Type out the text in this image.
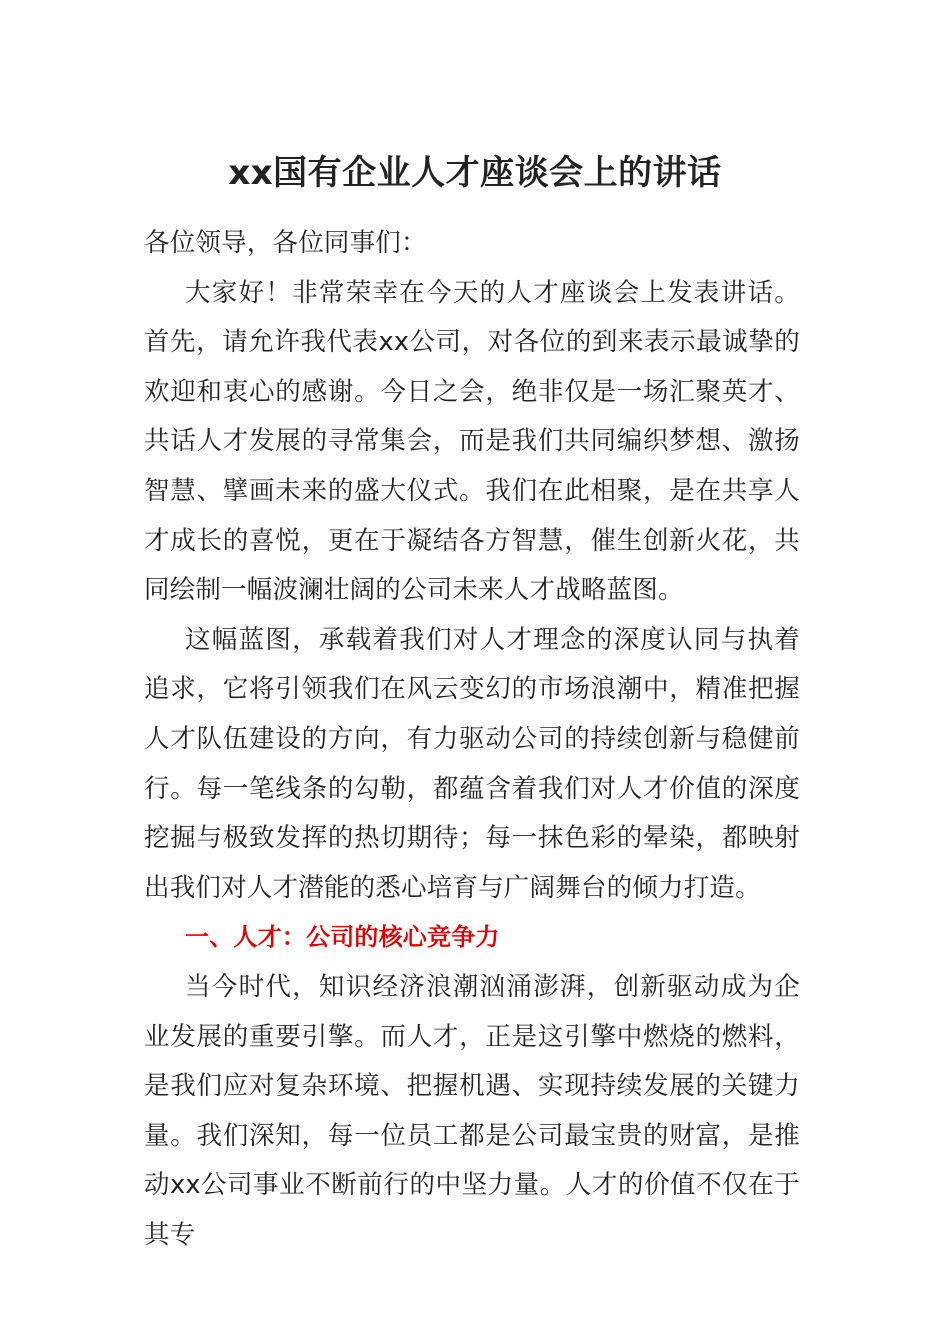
xx国有企业人才座谈会上的讲话

各位领导，各位同事们：

大家好！非常荣幸在今天的人才座谈会上发表讲话。首先，请允许我代表xx公司，对各位的到来表示最诚挚的欢迎和衷心的感谢。今日之会，绝非仅是一场汇聚英才、共话人才发展的寻常集会，而是我们共同编织梦想、激扬智慧、擘画未来的盛大仪式。我们在此相聚，是在共享人才成长的喜悦，更在于凝结各方智慧，催生创新火花，共同绘制一幅波澜壮阔的公司未来人才战略蓝图。

这幅蓝图，承载着我们对人才理念的深度认同与执着追求，它将引领我们在风云变幻的市场浪潮中，精准把握人才队伍建设的方向，有力驱动公司的持续创新与稳健前行。每一笔线条的勾勒，都蕴含着我们对人才价值的深度挖掘与极致发挥的热切期待；每一抹色彩的晕染，都映射出我们对人才潜能的悉心培育与广阔舞台的倾力打造。

一、人才：公司的核心竞争力

当今时代，知识经济浪潮汹涌澎湃，创新驱动成为企业发展的重要引擎。而人才，正是这引擎中燃烧的燃料，是我们应对复杂环境、把握机遇、实现持续发展的关键力量。我们深知，每一位员工都是公司最宝贵的财富，是推动xx公司事业不断前行的中坚力量。人才的价值不仅在于其专
